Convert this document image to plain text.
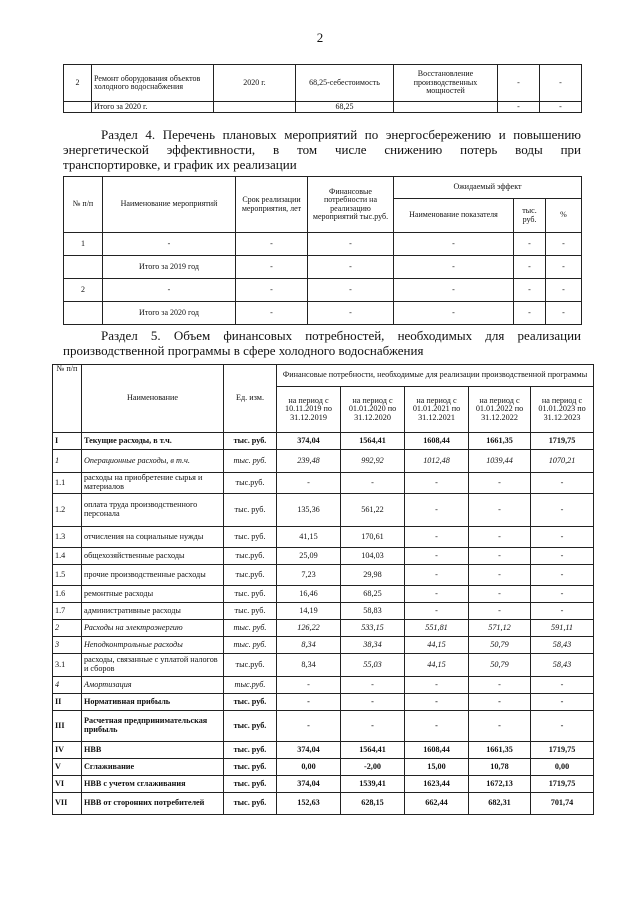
2
2	Ремонт оборудования объектов холодного водоснабжения	2020 г.	68,25-себестоимость	Восстановление производственных мощностей	-	-
	Итого за 2020 г.		68,25		-	-
Раздел 4. Перечень плановых мероприятий по энергосбережению и повышению
энергетической эффективности, в том числе снижению потерь воды при
транспортировке, и график их реализации
№ п/п	Наименование мероприятий	Срок реализации мероприятия, лет	Финансовые потребности на реализацию мероприятий тыс.руб.	Ожидаемый эффект		
				Наименование показателя	тыс. руб.	%
1	-	-	-	-	-	-
	Итого за 2019 год	-	-	-	-	-
2	-	-	-	-	-	-
	Итого за 2020 год	-	-	-	-	-
Раздел 5. Объем финансовых потребностей, необходимых для реализации
производственной программы в сфере холодного водоснабжения
№ п/п	Наименование	Ед. изм.	Финансовые потребности, необходимые для реализации производственной программы				
			на период с 10.11.2019 по 31.12.2019	на период с 01.01.2020 по 31.12.2020	на период с 01.01.2021 по 31.12.2021	на период с 01.01.2022 по 31.12.2022	на период с 01.01.2023 по 31.12.2023
I	Текущие расходы, в т.ч.	тыс. руб.	374,04	1564,41	1608,44	1661,35	1719,75
1	Операционные расходы, в т.ч.	тыс. руб.	239,48	992,92	1012,48	1039,44	1070,21
1.1	расходы на приобретение сырья и материалов	тыс.руб.	-	-	-	-	-
1.2	оплата труда производственного персонала	тыс. руб.	135,36	561,22	-	-	-
1.3	отчисления на социальные нужды	тыс. руб.	41,15	170,61	-	-	-
1.4	общехозяйственные расходы	тыс.руб.	25,09	104,03	-	-	-
1.5	прочие производственные расходы	тыс.руб.	7,23	29,98	-	-	-
1.6	ремонтные расходы	тыс. руб.	16,46	68,25	-	-	-
1.7	административные расходы	тыс. руб.	14,19	58,83	-	-	-
2	Расходы на электроэнергию	тыс. руб.	126,22	533,15	551,81	571,12	591,11
3	Неподконтрольные расходы	тыс. руб.	8,34	38,34	44,15	50,79	58,43
3.1	расходы, связанные с уплатой налогов и сборов	тыс.руб.	8,34	55,03	44,15	50,79	58,43
4	Амортизация	тыс.руб.	-	-	-	-	-
II	Нормативная прибыль	тыс. руб.	-	-	-	-	-
III	Расчетная предпринимательская прибыль	тыс. руб.	-	-	-	-	-
IV	НВВ	тыс. руб.	374,04	1564,41	1608,44	1661,35	1719,75
V	Сглаживание	тыс. руб.	0,00	-2,00	15,00	10,78	0,00
VI	НВВ с учетом сглаживания	тыс. руб.	374,04	1539,41	1623,44	1672,13	1719,75
VII	НВВ от сторонних потребителей	тыс. руб.	152,63	628,15	662,44	682,31	701,74
